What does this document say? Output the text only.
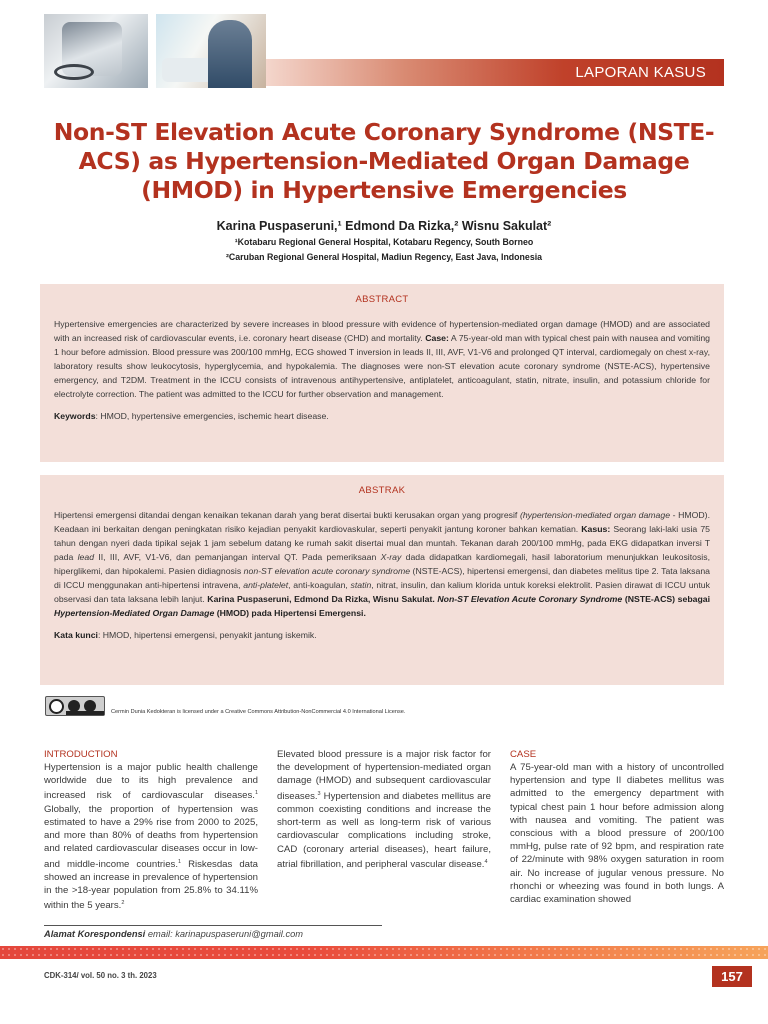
LAPORAN KASUS
Non-ST Elevation Acute Coronary Syndrome (NSTE-ACS) as Hypertension-Mediated Organ Damage (HMOD) in Hypertensive Emergencies
Karina Puspaseruni,¹ Edmond Da Rizka,² Wisnu Sakulat²
¹Kotabaru Regional General Hospital, Kotabaru Regency, South Borneo
²Caruban Regional General Hospital, Madiun Regency, East Java, Indonesia
ABSTRACT

Hypertensive emergencies are characterized by severe increases in blood pressure with evidence of hypertension-mediated organ damage (HMOD) and are associated with an increased risk of cardiovascular events, i.e. coronary heart disease (CHD) and mortality. Case: A 75-year-old man with typical chest pain with nausea and vomiting 1 hour before admission. Blood pressure was 200/100 mmHg, ECG showed T inversion in leads II, III, AVF, V1-V6 and prolonged QT interval, cardiomegaly on chest x-ray, laboratory results show leukocytosis, hyperglycemia, and hypokalemia. The diagnoses were non-ST elevation acute coronary syndrome (NSTE-ACS), hypertensive emergency, and T2DM. Treatment in the ICCU consists of intravenous antihypertensive, antiplatelet, anticoagulant, statin, nitrate, insulin, and potassium chloride for electrolyte correction. The patient was admitted to the ICCU for further observation and management.

Keywords: HMOD, hypertensive emergencies, ischemic heart disease.

ABSTRAK

Hipertensi emergensi ditandai dengan kenaikan tekanan darah yang berat disertai bukti kerusakan organ yang progresif (hypertension-mediated organ damage - HMOD). Keadaan ini berkaitan dengan peningkatan risiko kejadian penyakit kardiovaskular, seperti penyakit jantung koroner bahkan kematian. Kasus: Seorang laki-laki usia 75 tahun dengan nyeri dada tipikal sejak 1 jam sebelum datang ke rumah sakit disertai mual dan muntah. Tekanan darah 200/100 mmHg, pada EKG didapatkan inversi T pada lead II, III, AVF, V1-V6, dan pemanjangan interval QT. Pada pemeriksaan X-ray dada didapatkan kardiomegali, hasil laboratorium menunjukkan leukositosis, hiperglikemi, dan hipokalemi. Pasien didiagnosis non-ST elevation acute coronary syndrome (NSTE-ACS), hipertensi emergensi, dan diabetes melitus tipe 2. Tata laksana di ICCU menggunakan anti-hipertensi intravena, anti-platelet, anti-koagulan, statin, nitrat, insulin, dan kalium klorida untuk koreksi elektrolit. Pasien dirawat di ICCU untuk observasi dan tata laksana lebih lanjut. Karina Puspaseruni, Edmond Da Rizka, Wisnu Sakulat. Non-ST Elevation Acute Coronary Syndrome (NSTE-ACS) sebagai Hypertension-Mediated Organ Damage (HMOD) pada Hipertensi Emergensi.

Kata kunci: HMOD, hipertensi emergensi, penyakit jantung iskemik.

Cermin Dunia Kedokteran is licensed under a Creative Commons Attribution-NonCommercial 4.0 International License.
INTRODUCTION

Hypertension is a major public health challenge worldwide due to its high prevalence and increased risk of cardiovascular diseases.$^1$ Globally, the proportion of hypertension was estimated to have a 29% rise from 2000 to 2025, and more than 80% of deaths from hypertension and related cardiovascular diseases occur in low- and middle-income countries.$^1$ Riskesdas data showed an increase in prevalence of hypertension in the >18-year population from 25.8% to 34.11% within the 5 years.$^2$

Elevated blood pressure is a major risk factor for the development of hypertension-mediated organ damage (HMOD) and subsequent cardiovascular diseases.$^3$ Hypertension and diabetes mellitus are common coexisting conditions and increase the short-term as well as long-term risk of various cardiovascular complications including stroke, CAD (coronary arterial diseases), heart failure, atrial fibrillation, and peripheral vascular disease.$^4$

CASE

A 75-year-old man with a history of uncontrolled hypertension and type II diabetes mellitus was admitted to the emergency department with typical chest pain 1 hour before admission along with nausea and vomiting. The patient was conscious with a blood pressure of 200/100 mmHg, pulse rate of 92 bpm, and respiration rate of 22/minute with 98% oxygen saturation in room air. No increase of jugular venous pressure. No rhonchi or wheezing was found in both lungs. A cardiac examination showed

Alamat Korespondensi email: karinapuspaseruni@gmail.com
CDK-314/ vol. 50 no. 3 th. 2023	157
